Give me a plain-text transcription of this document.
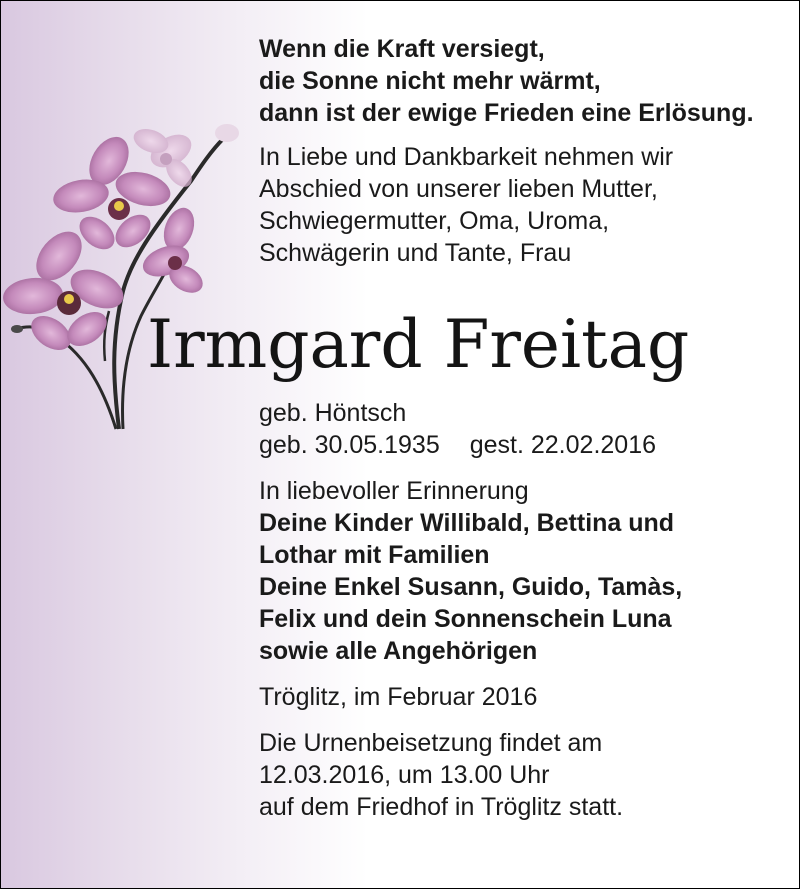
Wenn die Kraft versiegt,
die Sonne nicht mehr wärmt,
dann ist der ewige Frieden eine Erlösung.
In Liebe und Dankbarkeit nehmen wir
Abschied von unserer lieben Mutter,
Schwiegermutter, Oma, Uroma,
Schwägerin und Tante, Frau
Irmgard Freitag
geb. Höntsch
geb. 30.05.1935 gest. 22.02.2016
In liebevoller Erinnerung
Deine Kinder Willibald, Bettina und
Lothar mit Familien
Deine Enkel Susann, Guido, Tamàs,
Felix und dein Sonnenschein Luna
sowie alle Angehörigen
Tröglitz, im Februar 2016
Die Urnenbeisetzung findet am
12.03.2016, um 13.00 Uhr
auf dem Friedhof in Tröglitz statt.
